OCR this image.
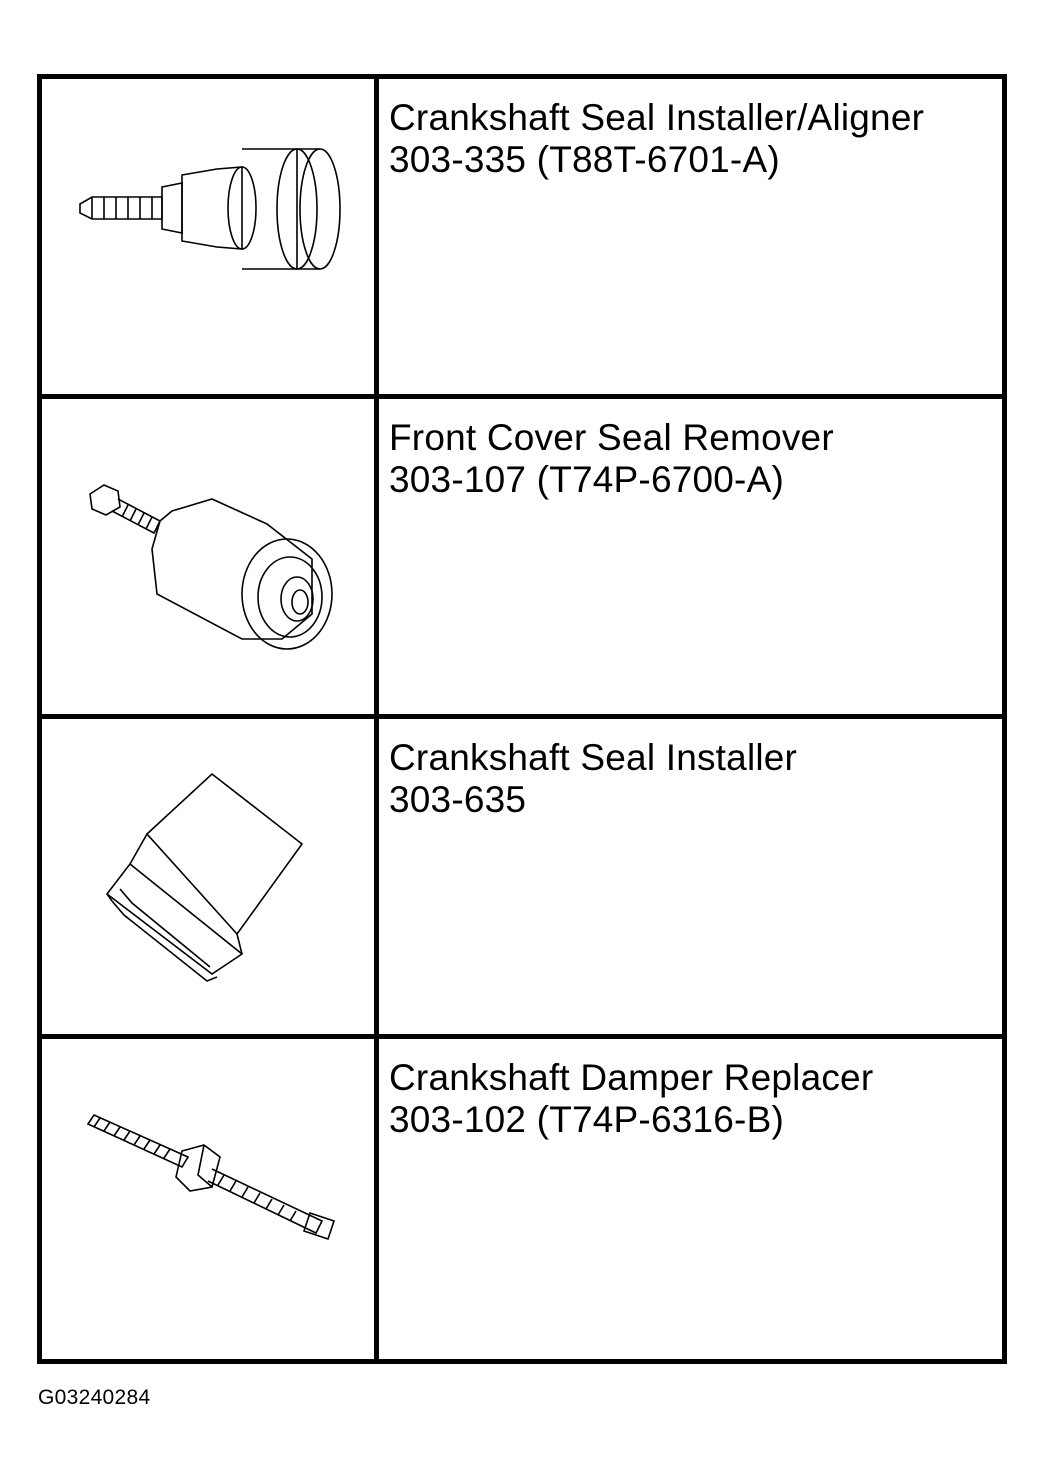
Crankshaft Seal Installer/Aligner
303-335 (T88T-6701-A)
Front Cover Seal Remover
303-107 (T74P-6700-A)
Crankshaft Seal Installer
303-635
Crankshaft Damper Replacer
303-102 (T74P-6316-B)
G03240284
